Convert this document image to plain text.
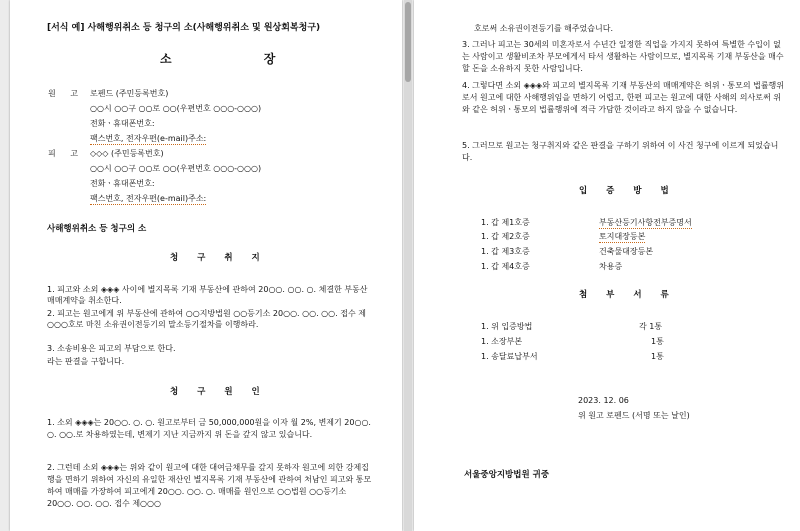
[서식 예] 사해행위취소 등 청구의 소(사해행위취소 및 원상회복청구)
소 장
원 고 로펜드 (주민등록번호)
○○시 ○○구 ○○로 ○○(우편번호 ○○○-○○○)
전화ㆍ휴대폰번호:
팩스번호, 전자우편(e-mail)주소:
피 고 ◇◇◇ (주민등록번호)
○○시 ○○구 ○○로 ○○(우편번호 ○○○-○○○)
전화ㆍ휴대폰번호:
팩스번호, 전자우편(e-mail)주소:
사해행위취소 등 청구의 소
청 구 취 지
1. 피고와 소외 ◈◈◈ 사이에 별지목록 기재 부동산에 관하여 20○○. ○○. ○. 체결한 부동산매매계약을 취소한다.
2. 피고는 원고에게 위 부동산에 관하여 ○○지방법원 ○○등기소 20○○. ○○. ○○. 접수 제○○○호로 마친 소유권이전등기의 말소등기절차를 이행하라.
3. 소송비용은 피고의 부담으로 한다.
라는 판결을 구합니다.
청 구 원 인
1. 소외 ◈◈◈는 20○○. ○. ○. 원고로부터 금 50,000,000원을 이자 월 2%, 변제기 20○○. ○. ○○.로 차용하였는데, 변제기 지난 지금까지 위 돈을 갚지 않고 있습니다.
2. 그런데 소외 ◈◈◈는 위와 같이 원고에 대한 대여금채무를 갚지 못하자 원고에 의한 강제집행을 면하기 위하여 자신의 유일한 재산인 별지목록 기재 부동산에 관하여 처남인 피고와 통모하여 매매를 가장하여 피고에게 20○○. ○○. ○. 매매를 원인으로 ○○법원 ○○등기소 20○○. ○○. ○○. 접수 제○○○
호로써 소유권이전등기를 해주었습니다.
3. 그러나 피고는 30세의 미혼자로서 수년간 일정한 직업을 가지지 못하여 특별한 수입이 없는 사람이고 생활비조차 부모에게서 타서 생활하는 사람이므로, 별지목록 기재 부동산을 매수할 돈을 소유하지 못한 사람입니다.
4. 그렇다면 소외 ◈◈◈와 피고의 별지목록 기재 부동산의 매매계약은 허위ㆍ통모의 법률행위로서 원고에 대한 사해행위임을 면하기 어렵고, 한편 피고는 원고에 대한 사해의 의사로써 위와 같은 허위ㆍ통모의 법률행위에 적극 가담한 것이라고 하지 않을 수 없습니다.
5. 그러므로 원고는 청구취지와 같은 판결을 구하기 위하여 이 사건 청구에 이르게 되었습니다.
입 증 방 법
1. 갑 제1호증	부동산등기사항전부증명서
1. 갑 제2호증	토지대장등본
1. 갑 제3호증	건축물대장등본
1. 갑 제4호증	차용증
첨 부 서 류
1. 위 입증방법	각 1통
1. 소장부본	1통
1. 송달료납부서	1통
2023. 12. 06
위 원고 로펜드 (서명 또는 날인)
서울중앙지방법원 귀중
